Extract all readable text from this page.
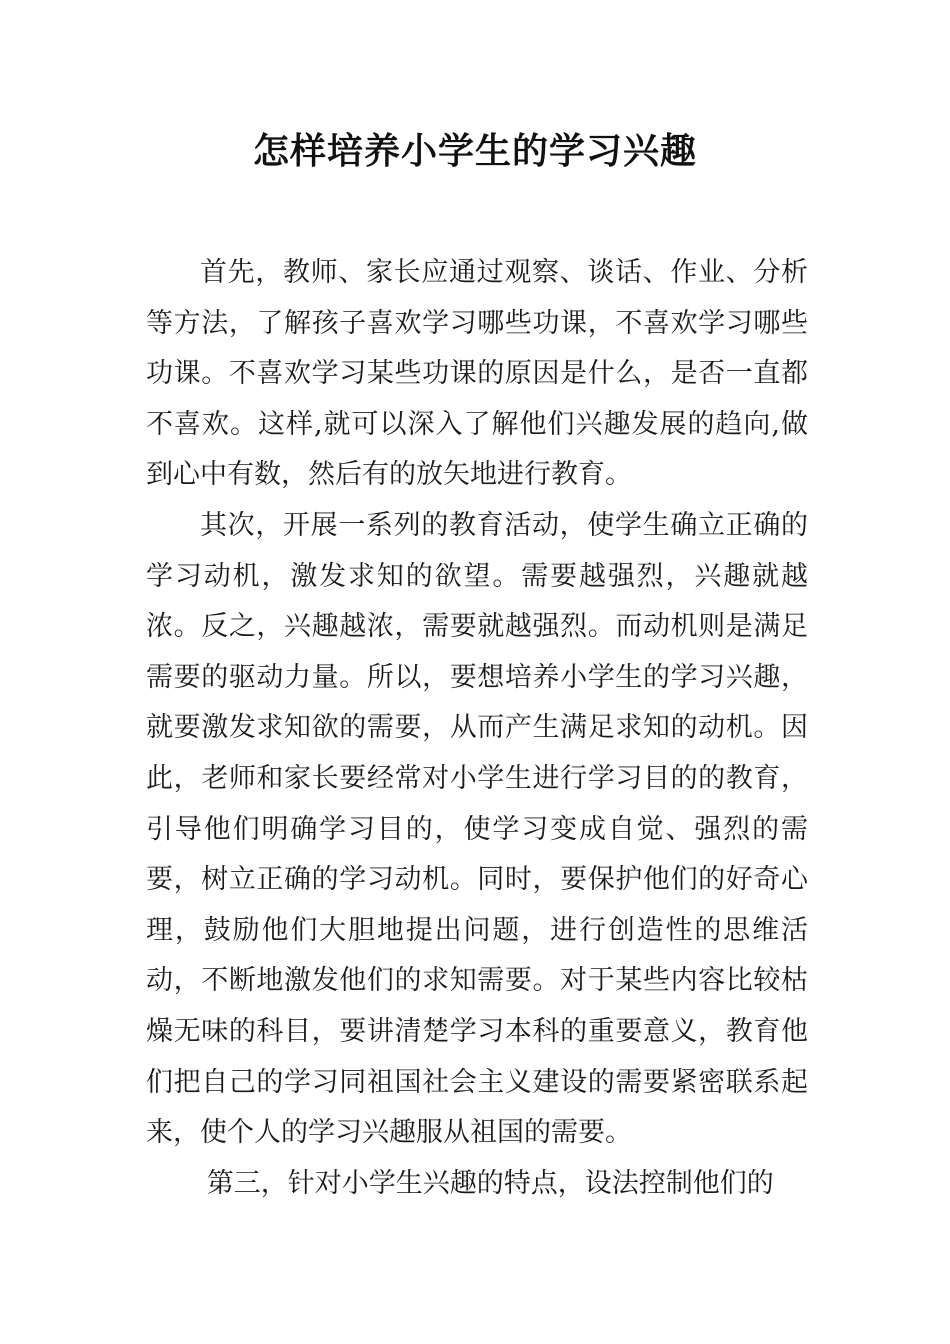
怎样培养小学生的学习兴趣

首先，教师、家长应通过观察、谈话、作业、分析等方法，了解孩子喜欢学习哪些功课，不喜欢学习哪些功课。不喜欢学习某些功课的原因是什么，是否一直都不喜欢。这样,就可以深入了解他们兴趣发展的趋向,做到心中有数，然后有的放矢地进行教育。

其次，开展一系列的教育活动，使学生确立正确的学习动机，激发求知的欲望。需要越强烈，兴趣就越浓。反之，兴趣越浓，需要就越强烈。而动机则是满足需要的驱动力量。所以，要想培养小学生的学习兴趣，就要激发求知欲的需要，从而产生满足求知的动机。因此，老师和家长要经常对小学生进行学习目的的教育，引导他们明确学习目的，使学习变成自觉、强烈的需要，树立正确的学习动机。同时，要保护他们的好奇心理，鼓励他们大胆地提出问题，进行创造性的思维活动，不断地激发他们的求知需要。对于某些内容比较枯燥无味的科目，要讲清楚学习本科的重要意义，教育他们把自己的学习同祖国社会主义建设的需要紧密联系起来，使个人的学习兴趣服从祖国的需要。

第三，针对小学生兴趣的特点，设法控制他们的
